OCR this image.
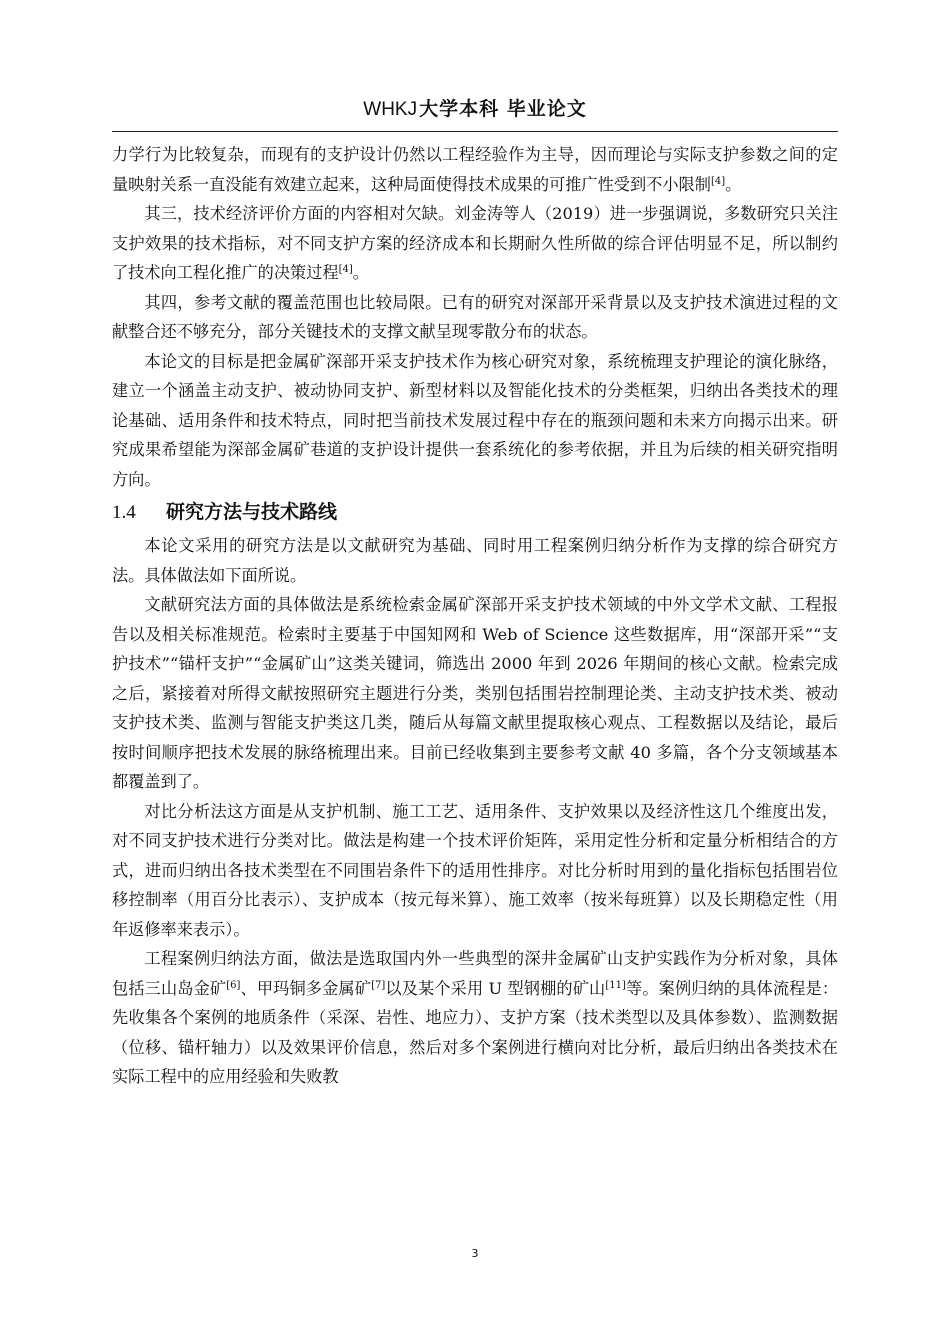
WHKJ 大学本科 毕业论文

力学行为比较复杂，而现有的支护设计仍然以工程经验作为主导，因而理论与实际支护参数之间的定量映射关系一直没能有效建立起来，这种局面使得技术成果的可推广性受到不小限制[4]。

其三，技术经济评价方面的内容相对欠缺。刘金涛等人（2019）进一步强调说，多数研究只关注支护效果的技术指标，对不同支护方案的经济成本和长期耐久性所做的综合评估明显不足，所以制约了技术向工程化推广的决策过程[4]。

其四，参考文献的覆盖范围也比较局限。已有的研究对深部开采背景以及支护技术演进过程的文献整合还不够充分，部分关键技术的支撑文献呈现零散分布的状态。

本论文的目标是把金属矿深部开采支护技术作为核心研究对象，系统梳理支护理论的演化脉络，建立一个涵盖主动支护、被动协同支护、新型材料以及智能化技术的分类框架，归纳出各类技术的理论基础、适用条件和技术特点，同时把当前技术发展过程中存在的瓶颈问题和未来方向揭示出来。研究成果希望能为深部金属矿巷道的支护设计提供一套系统化的参考依据，并且为后续的相关研究指明方向。

1.4 研究方法与技术路线

本论文采用的研究方法是以文献研究为基础、同时用工程案例归纳分析作为支撑的综合研究方法。具体做法如下面所说。

文献研究法方面的具体做法是系统检索金属矿深部开采支护技术领域的中外文学术文献、工程报告以及相关标准规范。检索时主要基于中国知网和 Web of Science 这些数据库，用“深部开采”“支护技术”“锚杆支护”“金属矿山”这类关键词，筛选出 2000 年到 2026 年期间的核心文献。检索完成之后，紧接着对所得文献按照研究主题进行分类，类别包括围岩控制理论类、主动支护技术类、被动支护技术类、监测与智能支护类这几类，随后从每篇文献里提取核心观点、工程数据以及结论，最后按时间顺序把技术发展的脉络梳理出来。目前已经收集到主要参考文献 40 多篇，各个分支领域基本都覆盖到了。

对比分析法这方面是从支护机制、施工工艺、适用条件、支护效果以及经济性这几个维度出发，对不同支护技术进行分类对比。做法是构建一个技术评价矩阵，采用定性分析和定量分析相结合的方式，进而归纳出各技术类型在不同围岩条件下的适用性排序。对比分析时用到的量化指标包括围岩位移控制率（用百分比表示）、支护成本（按元每米算）、施工效率（按米每班算）以及长期稳定性（用年返修率来表示）。

工程案例归纳法方面，做法是选取国内外一些典型的深井金属矿山支护实践作为分析对象，具体包括三山岛金矿[6]、甲玛铜多金属矿[7]以及某个采用 U 型钢棚的矿山[11]等。案例归纳的具体流程是：先收集各个案例的地质条件（采深、岩性、地应力）、支护方案（技术类型以及具体参数）、监测数据（位移、锚杆轴力）以及效果评价信息，然后对多个案例进行横向对比分析，最后归纳出各类技术在实际工程中的应用经验和失败教

3
